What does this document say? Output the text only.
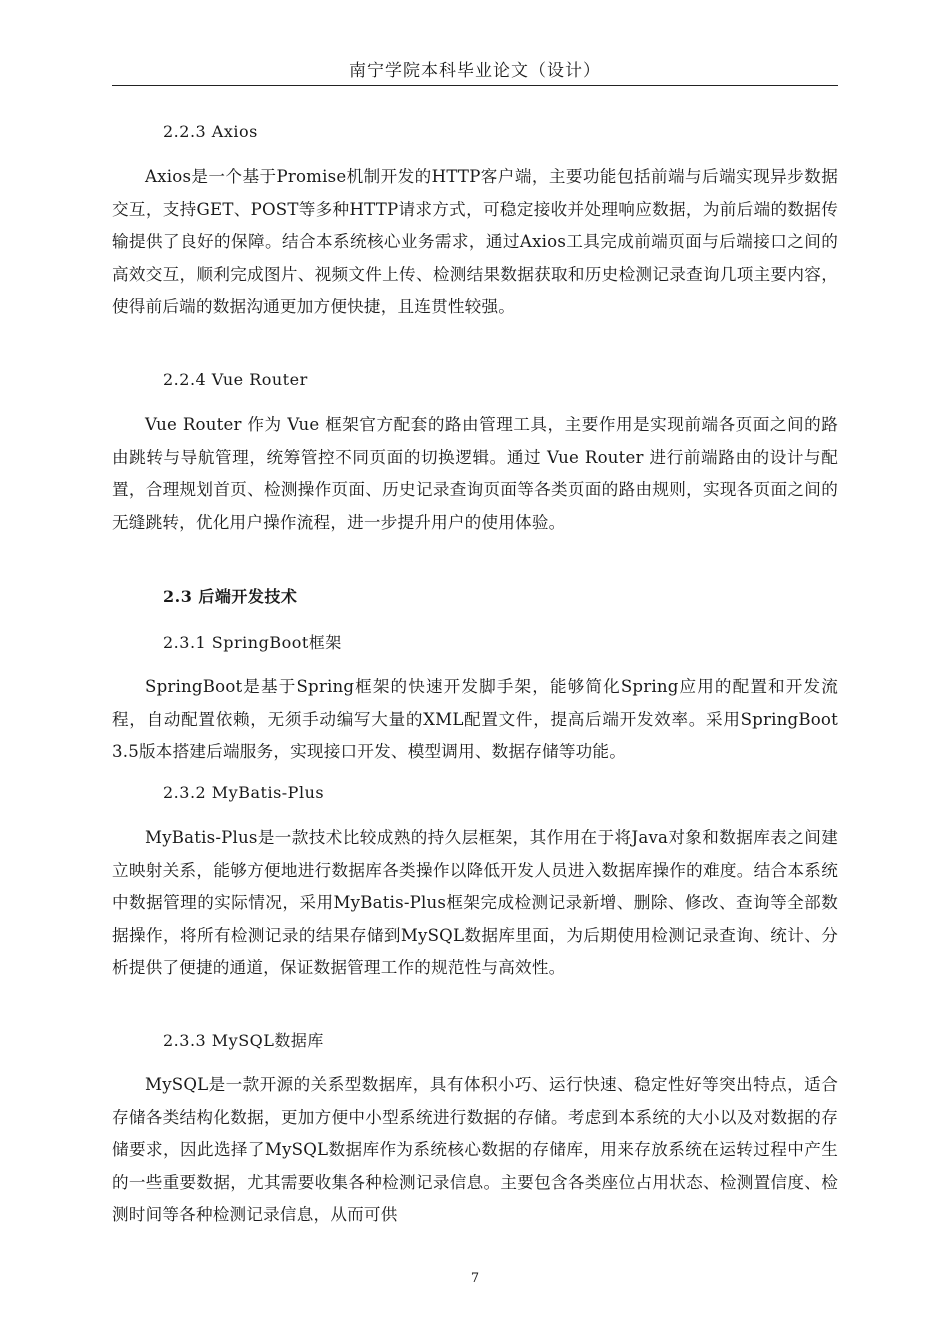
南宁学院本科毕业论文（设计）
2.2.3 Axios
Axios是一个基于Promise机制开发的HTTP客户端，主要功能包括前端与后端实现异步数据交互，支持GET、POST等多种HTTP请求方式，可稳定接收并处理响应数据，为前后端的数据传输提供了良好的保障。结合本系统核心业务需求，通过Axios工具完成前端页面与后端接口之间的高效交互，顺利完成图片、视频文件上传、检测结果数据获取和历史检测记录查询几项主要内容，使得前后端的数据沟通更加方便快捷，且连贯性较强。
2.2.4 Vue Router
Vue Router 作为 Vue 框架官方配套的路由管理工具，主要作用是实现前端各页面之间的路由跳转与导航管理，统筹管控不同页面的切换逻辑。通过 Vue Router 进行前端路由的设计与配置，合理规划首页、检测操作页面、历史记录查询页面等各类页面的路由规则，实现各页面之间的无缝跳转，优化用户操作流程，进一步提升用户的使用体验。
2.3 后端开发技术
2.3.1 SpringBoot框架
SpringBoot是基于Spring框架的快速开发脚手架，能够简化Spring应用的配置和开发流程，自动配置依赖，无须手动编写大量的XML配置文件，提高后端开发效率。采用SpringBoot 3.5版本搭建后端服务，实现接口开发、模型调用、数据存储等功能。
2.3.2 MyBatis-Plus
MyBatis-Plus是一款技术比较成熟的持久层框架，其作用在于将Java对象和数据库表之间建立映射关系，能够方便地进行数据库各类操作以降低开发人员进入数据库操作的难度。结合本系统中数据管理的实际情况，采用MyBatis-Plus框架完成检测记录新增、删除、修改、查询等全部数据操作，将所有检测记录的结果存储到MySQL数据库里面，为后期使用检测记录查询、统计、分析提供了便捷的通道，保证数据管理工作的规范性与高效性。
2.3.3 MySQL数据库
MySQL是一款开源的关系型数据库，具有体积小巧、运行快速、稳定性好等突出特点，适合存储各类结构化数据，更加方便中小型系统进行数据的存储。考虑到本系统的大小以及对数据的存储要求，因此选择了MySQL数据库作为系统核心数据的存储库，用来存放系统在运转过程中产生的一些重要数据，尤其需要收集各种检测记录信息。主要包含各类座位占用状态、检测置信度、检测时间等各种检测记录信息，从而可供
7
